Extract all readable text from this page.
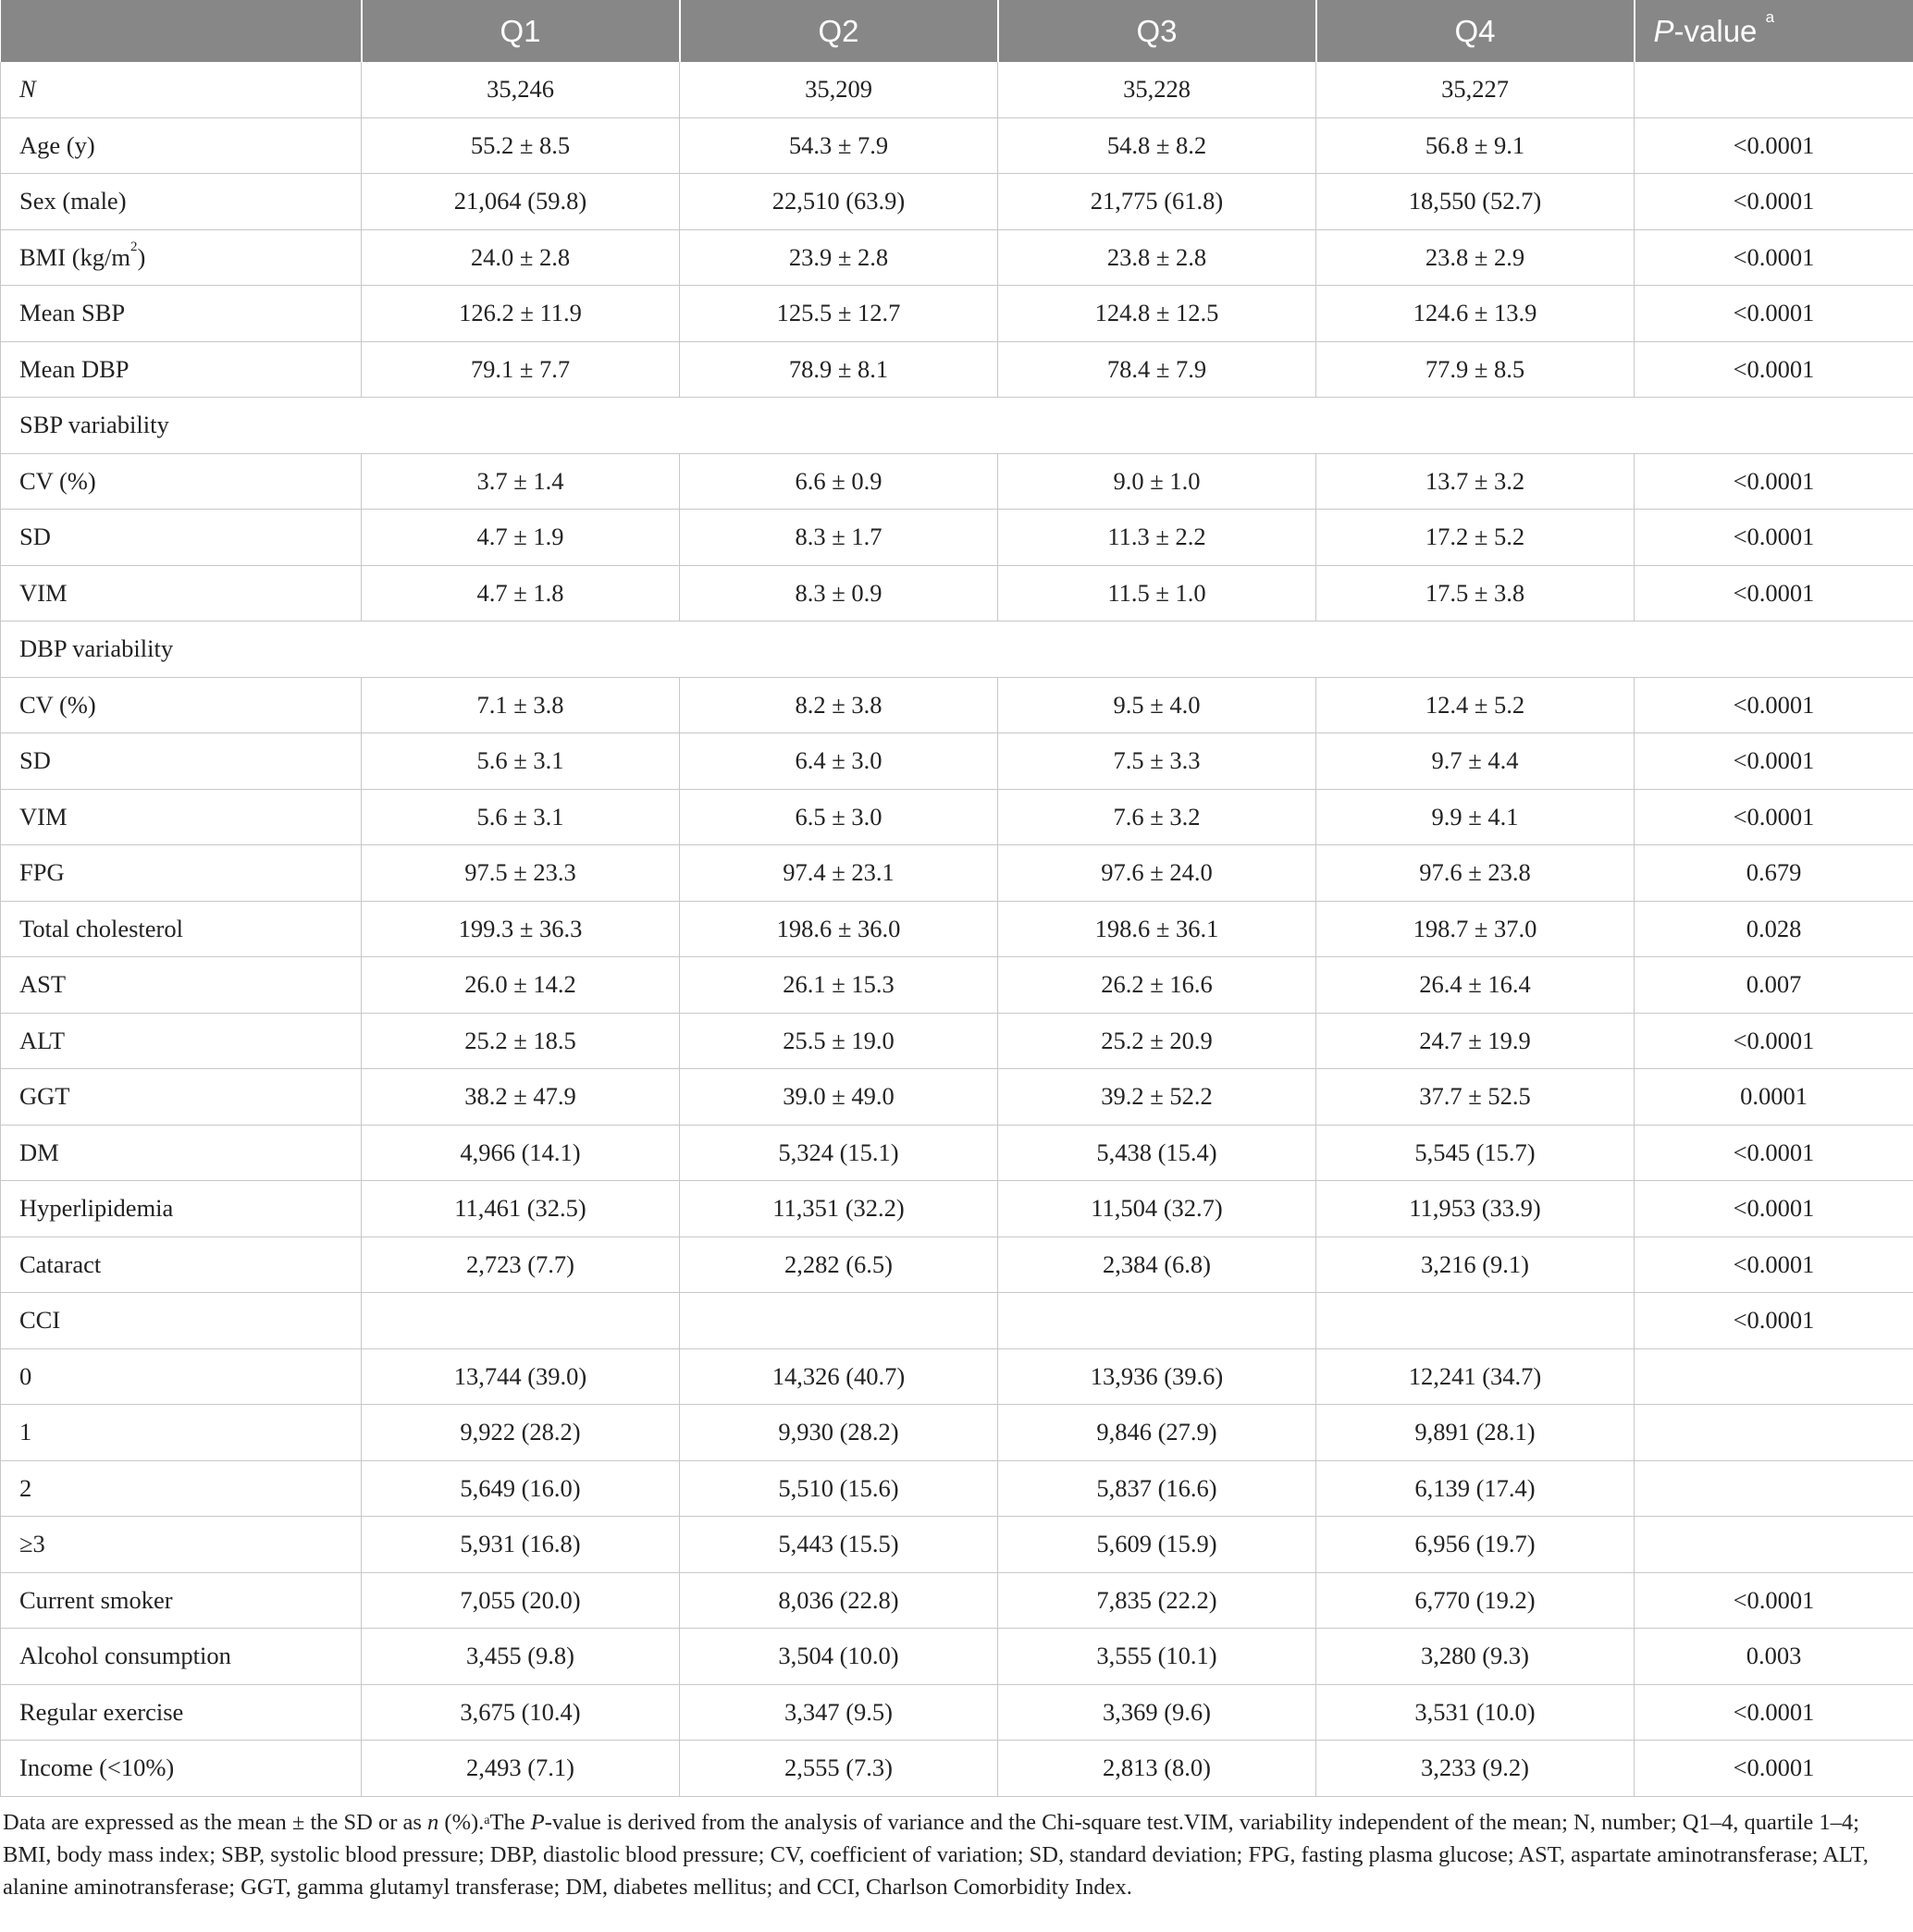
	Q1	Q2	Q3	Q4	P-value $^a$
N	35,246	35,209	35,228	35,227	
Age (y)	55.2 ± 8.5	54.3 ± 7.9	54.8 ± 8.2	56.8 ± 9.1	<0.0001
Sex (male)	21,064 (59.8)	22,510 (63.9)	21,775 (61.8)	18,550 (52.7)	<0.0001
BMI $(kg/m^2)$	24.0 ± 2.8	23.9 ± 2.8	23.8 ± 2.8	23.8 ± 2.9	<0.0001
Mean SBP	126.2 ± 11.9	125.5 ± 12.7	124.8 ± 12.5	124.6 ± 13.9	<0.0001
Mean DBP	79.1 ± 7.7	78.9 ± 8.1	78.4 ± 7.9	77.9 ± 8.5	<0.0001
SBP variability					
CV (%)	3.7 ± 1.4	6.6 ± 0.9	9.0 ± 1.0	13.7 ± 3.2	<0.0001
SD	4.7 ± 1.9	8.3 ± 1.7	11.3 ± 2.2	17.2 ± 5.2	<0.0001
VIM	4.7 ± 1.8	8.3 ± 0.9	11.5 ± 1.0	17.5 ± 3.8	<0.0001
DBP variability					
CV (%)	7.1 ± 3.8	8.2 ± 3.8	9.5 ± 4.0	12.4 ± 5.2	<0.0001
SD	5.6 ± 3.1	6.4 ± 3.0	7.5 ± 3.3	9.7 ± 4.4	<0.0001
VIM	5.6 ± 3.1	6.5 ± 3.0	7.6 ± 3.2	9.9 ± 4.1	<0.0001
FPG	97.5 ± 23.3	97.4 ± 23.1	97.6 ± 24.0	97.6 ± 23.8	0.679
Total cholesterol	199.3 ± 36.3	198.6 ± 36.0	198.6 ± 36.1	198.7 ± 37.0	0.028
AST	26.0 ± 14.2	26.1 ± 15.3	26.2 ± 16.6	26.4 ± 16.4	0.007
ALT	25.2 ± 18.5	25.5 ± 19.0	25.2 ± 20.9	24.7 ± 19.9	<0.0001
GGT	38.2 ± 47.9	39.0 ± 49.0	39.2 ± 52.2	37.7 ± 52.5	0.0001
DM	4,966 (14.1)	5,324 (15.1)	5,438 (15.4)	5,545 (15.7)	<0.0001
Hyperlipidemia	11,461 (32.5)	11,351 (32.2)	11,504 (32.7)	11,953 (33.9)	<0.0001
Cataract	2,723 (7.7)	2,282 (6.5)	2,384 (6.8)	3,216 (9.1)	<0.0001
CCI					<0.0001
0	13,744 (39.0)	14,326 (40.7)	13,936 (39.6)	12,241 (34.7)	
1	9,922 (28.2)	9,930 (28.2)	9,846 (27.9)	9,891 (28.1)	
2	5,649 (16.0)	5,510 (15.6)	5,837 (16.6)	6,139 (17.4)	
≥3	5,931 (16.8)	5,443 (15.5)	5,609 (15.9)	6,956 (19.7)	
Current smoker	7,055 (20.0)	8,036 (22.8)	7,835 (22.2)	6,770 (19.2)	<0.0001
Alcohol consumption	3,455 (9.8)	3,504 (10.0)	3,555 (10.1)	3,280 (9.3)	0.003
Regular exercise	3,675 (10.4)	3,347 (9.5)	3,369 (9.6)	3,531 (10.0)	<0.0001
Income (<10%)	2,493 (7.1)	2,555 (7.3)	2,813 (8.0)	3,233 (9.2)	<0.0001
Data are expressed as the mean ± the SD or as n (%).$^a$The P-value is derived from the analysis of variance and the Chi-square test.VIM, variability independent of the mean; N, number; Q1–4, quartile 1–4; BMI, body mass index; SBP, systolic blood pressure; DBP, diastolic blood pressure; CV, coefficient of variation; SD, standard deviation; FPG, fasting plasma glucose; AST, aspartate aminotransferase; ALT, alanine aminotransferase; GGT, gamma glutamyl transferase; DM, diabetes mellitus; and CCI, Charlson Comorbidity Index.
